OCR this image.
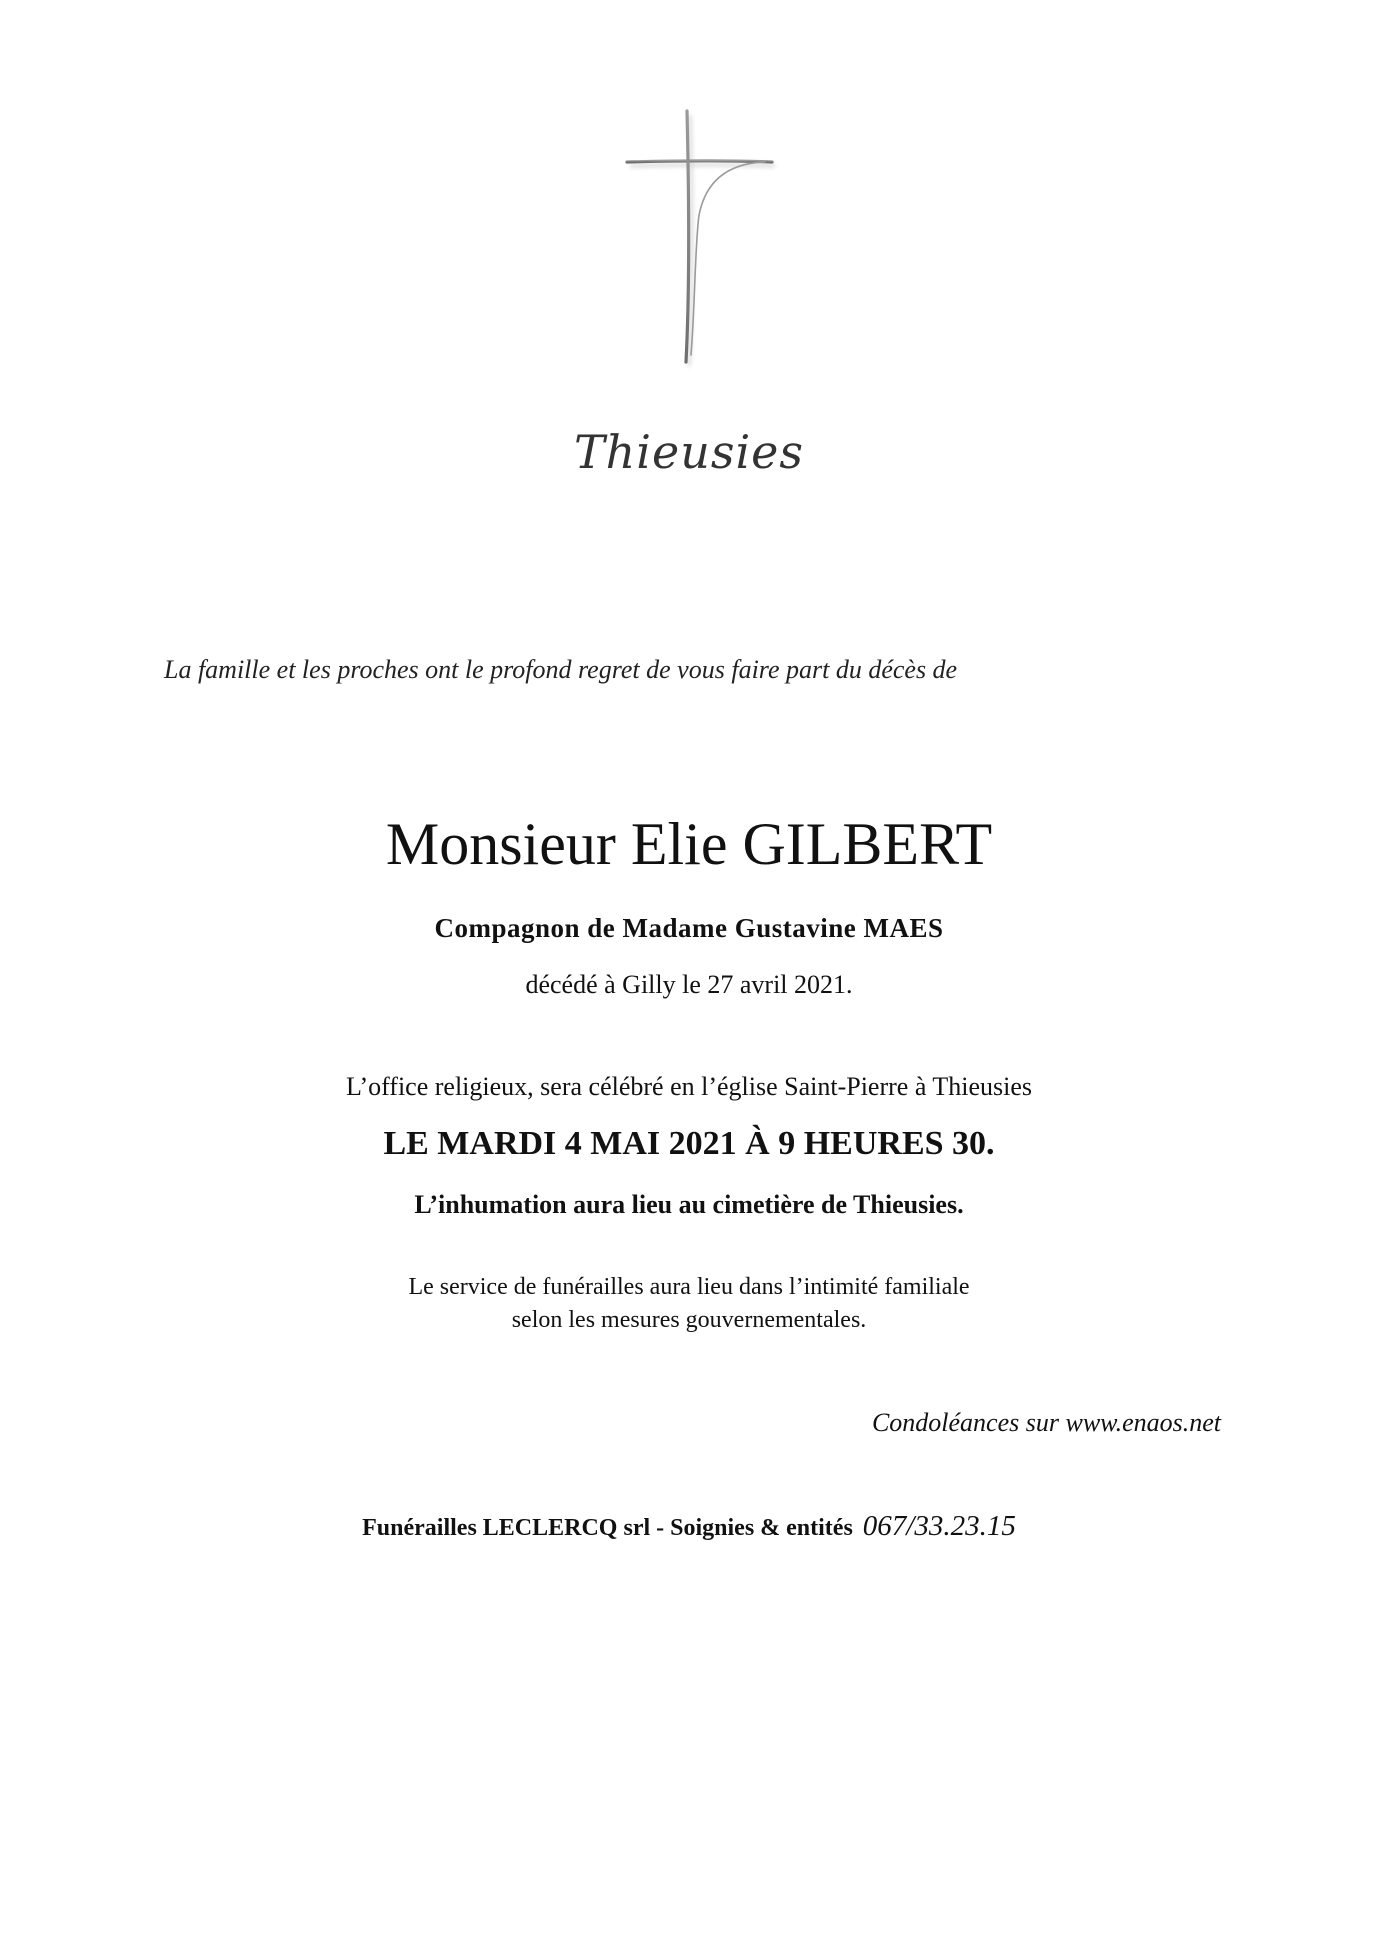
Thieusies
La famille et les proches ont le profond regret de vous faire part du décès de
Monsieur Elie GILBERT
Compagnon de Madame Gustavine MAES
décédé à Gilly le 27 avril 2021.
L’office religieux, sera célébré en l’église Saint-Pierre à Thieusies
LE MARDI 4 MAI 2021 À 9 HEURES 30.
L’inhumation aura lieu au cimetière de Thieusies.
Le service de funérailles aura lieu dans l’intimité familiale
selon les mesures gouvernementales.
Condoléances sur www.enaos.net
Funérailles LECLERCQ srl - Soignies & entités 067/33.23.15
